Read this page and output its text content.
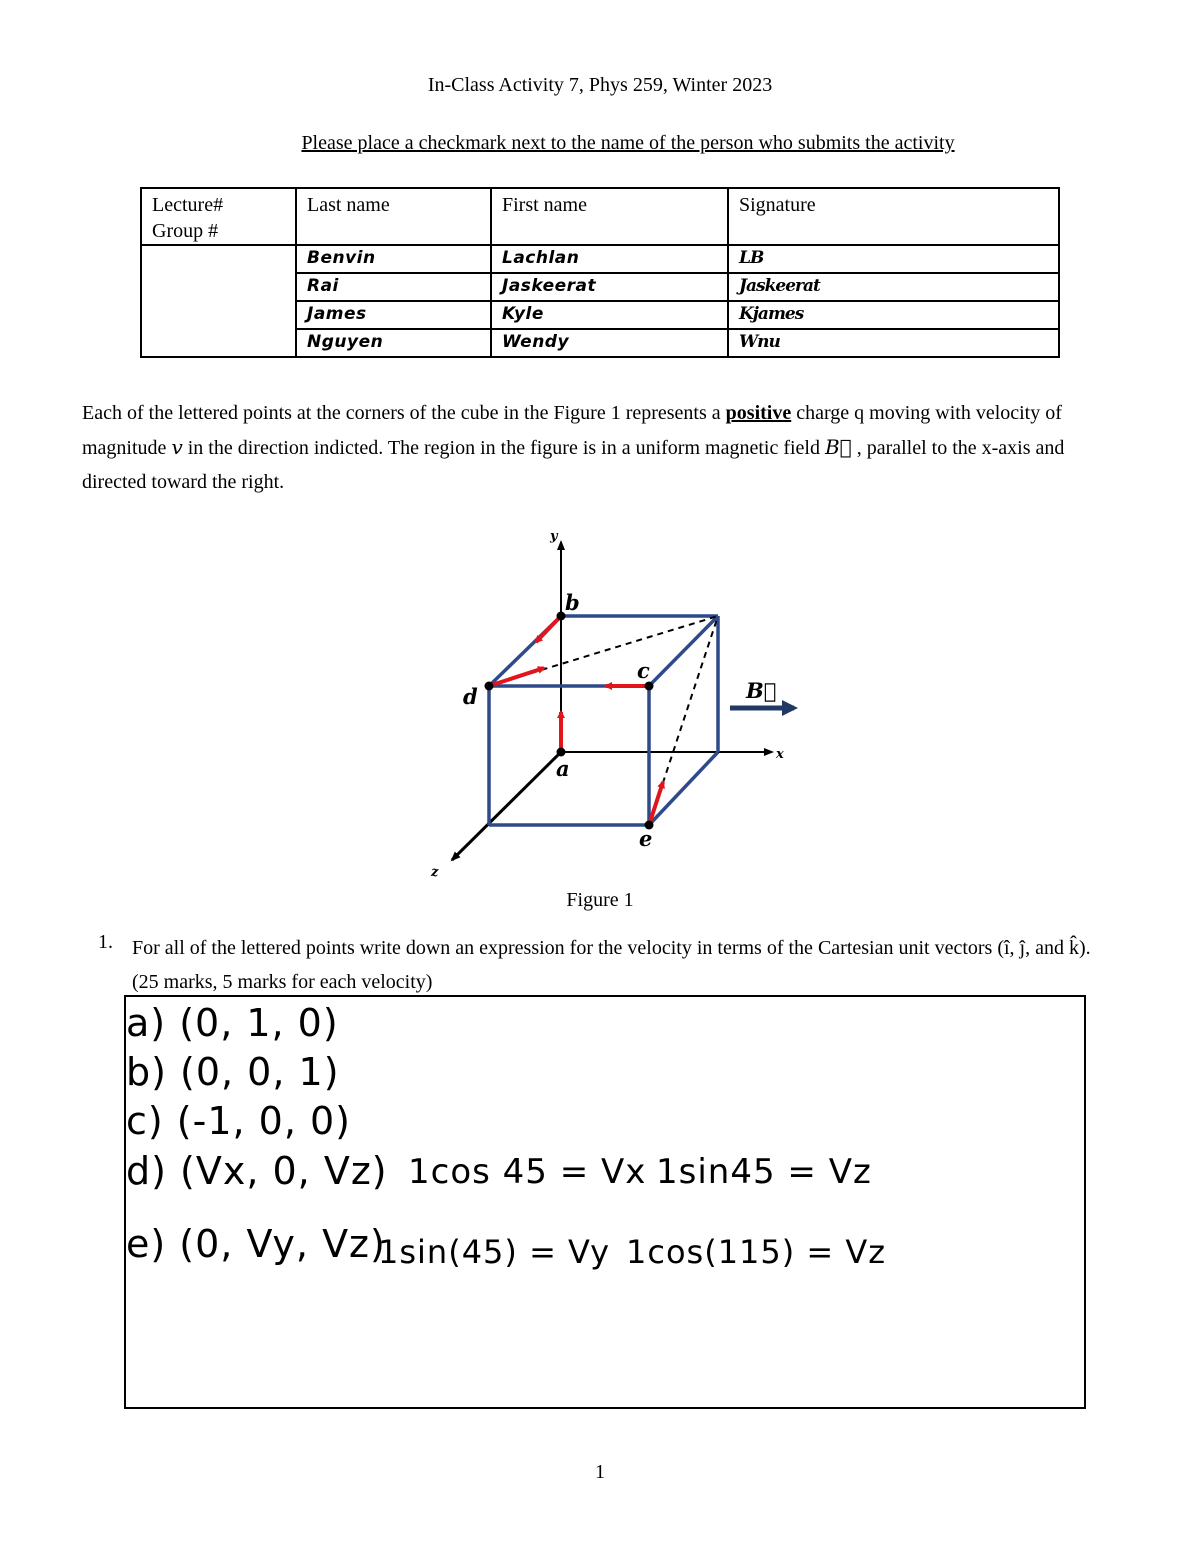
In-Class Activity 7, Phys 259, Winter 2023
Please place a checkmark next to the name of the person who submits the activity
Lecture#
Group #	Last name	First name	Signature
	Benvin	Lachlan	LB
	Rai	Jaskeerat	Jaskeerat
	James	Kyle	Kjames
	Nguyen	Wendy	Wnu
Each of the lettered points at the corners of the cube in the Figure 1 represents a positive charge q moving with velocity of magnitude v in the direction indicted. The region in the figure is in a uniform magnetic field B⃗ , parallel to the x-axis and directed toward the right.
y
x
z
a
b
c
d
e
B⃗
Figure 1
1. For all of the lettered points write down an expression for the velocity in terms of the Cartesian unit vectors (î, ĵ, and k̂). (25 marks, 5 marks for each velocity)
a) (0, 1, 0)
b) (0, 0, 1)
c) (-1, 0, 0)
d) (Vx, 0, Vz) 1cos 45 = Vx 1sin45 = Vz
e) (0, Vy, Vz)
1sin(45) = Vy 1cos(115) = Vz
1
